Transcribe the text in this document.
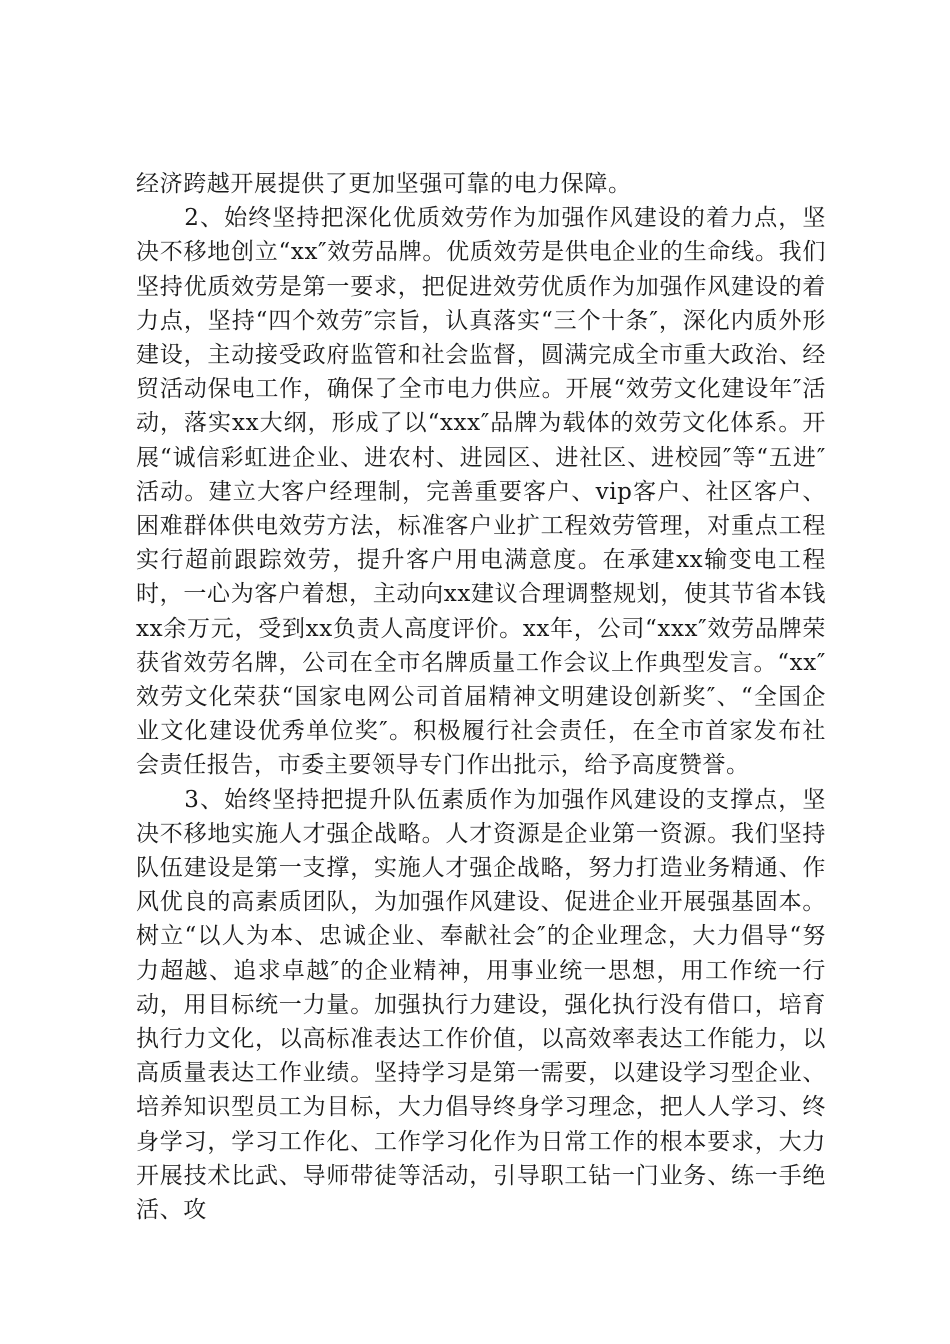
经济跨越开展提供了更加坚强可靠的电力保障。

2、始终坚持把深化优质效劳作为加强作风建设的着力点，坚决不移地创立“xx″效劳品牌。优质效劳是供电企业的生命线。我们坚持优质效劳是第一要求，把促进效劳优质作为加强作风建设的着力点，坚持“四个效劳″宗旨，认真落实“三个十条″，深化内质外形建设，主动接受政府监管和社会监督，圆满完成全市重大政治、经贸活动保电工作，确保了全市电力供应。开展“效劳文化建设年″活动，落实xx大纲，形成了以“xxx″品牌为载体的效劳文化体系。开展“诚信彩虹进企业、进农村、进园区、进社区、进校园″等“五进″活动。建立大客户经理制，完善重要客户、vip客户、社区客户、困难群体供电效劳方法，标准客户业扩工程效劳管理，对重点工程实行超前跟踪效劳，提升客户用电满意度。在承建xx输变电工程时，一心为客户着想，主动向xx建议合理调整规划，使其节省本钱xx余万元，受到xx负责人高度评价。xx年，公司“xxx″效劳品牌荣获省效劳名牌，公司在全市名牌质量工作会议上作典型发言。“xx″效劳文化荣获“国家电网公司首届精神文明建设创新奖″、“全国企业文化建设优秀单位奖″。积极履行社会责任，在全市首家发布社会责任报告，市委主要领导专门作出批示，给予高度赞誉。

3、始终坚持把提升队伍素质作为加强作风建设的支撑点，坚决不移地实施人才强企战略。人才资源是企业第一资源。我们坚持队伍建设是第一支撑，实施人才强企战略，努力打造业务精通、作风优良的高素质团队，为加强作风建设、促进企业开展强基固本。树立“以人为本、忠诚企业、奉献社会″的企业理念，大力倡导“努力超越、追求卓越″的企业精神，用事业统一思想，用工作统一行动，用目标统一力量。加强执行力建设，强化执行没有借口，培育执行力文化，以高标准表达工作价值，以高效率表达工作能力，以高质量表达工作业绩。坚持学习是第一需要，以建设学习型企业、培养知识型员工为目标，大力倡导终身学习理念，把人人学习、终身学习，学习工作化、工作学习化作为日常工作的根本要求，大力开展技术比武、导师带徒等活动，引导职工钻一门业务、练一手绝活、攻
